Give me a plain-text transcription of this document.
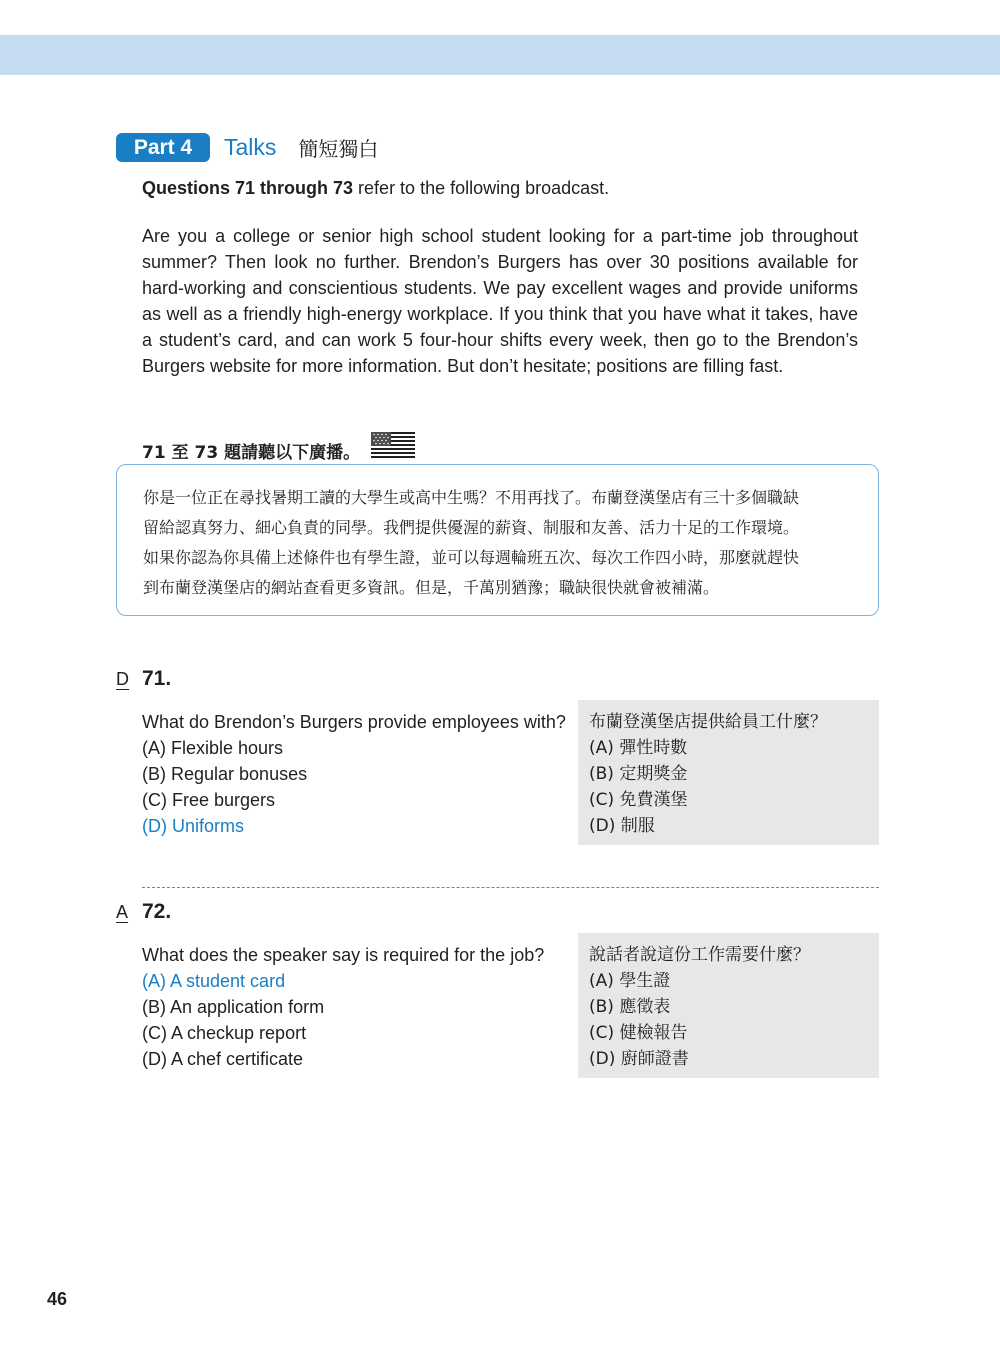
Part 4	Talks 簡短獨白
Questions 71 through 73 refer to the following broadcast.

Are you a college or senior high school student looking for a part-time job throughout summer? Then look no further. Brendon’s Burgers has over 30 positions available for hard-working and conscientious students. We pay excellent wages and provide uniforms as well as a friendly high-energy workplace. If you think that you have what it takes, have a student’s card, and can work 5 four-hour shifts every week, then go to the Brendon’s Burgers website for more information. But don’t hesitate; positions are filling fast.

71 至 73 題請聽以下廣播。

你是一位正在尋找暑期工讀的大學生或高中生嗎？不用再找了。布蘭登漢堡店有三十多個職缺

留給認真努力、細心負責的同學。我們提供優渥的薪資、制服和友善、活力十足的工作環境。

如果你認為你具備上述條件也有學生證，並可以每週輪班五次、每次工作四小時，那麼就趕快

到布蘭登漢堡店的網站查看更多資訊。但是，千萬別猶豫；職缺很快就會被補滿。

D 71.
What do Brendon’s Burgers provide employees with?
(A) Flexible hours
(B) Regular bonuses
(C) Free burgers
(D) Uniforms
布蘭登漢堡店提供給員工什麼？
(A) 彈性時數
(B) 定期獎金
(C) 免費漢堡
(D) 制服
A 72.
What does the speaker say is required for the job?
(A) A student card
(B) An application form
(C) A checkup report
(D) A chef certificate
說話者說這份工作需要什麼？
(A) 學生證
(B) 應徵表
(C) 健檢報告
(D) 廚師證書
46
